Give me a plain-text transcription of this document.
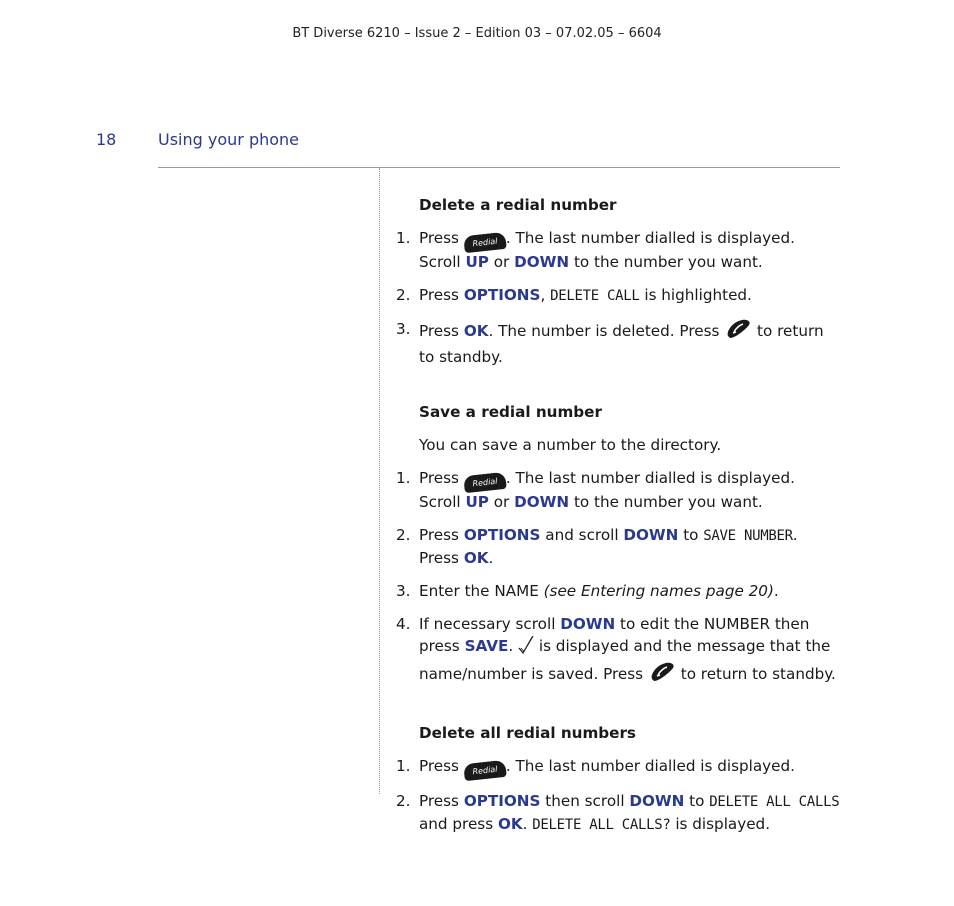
BT Diverse 6210 – Issue 2 – Edition 03 – 07.02.05 – 6604
18	Using your phone
Delete a redial number
1. Press Redial . The last number dialled is displayed. Scroll UP or DOWN to the number you want.
2. Press OPTIONS, DELETE CALL is highlighted.
3. Press OK. The number is deleted. Press  to return to standby.
Save a redial number

You can save a number to the directory.

1. Press Redial . The last number dialled is displayed. Scroll UP or DOWN to the number you want.
2. Press OPTIONS and scroll DOWN to SAVE NUMBER.
Press OK.
3. Enter the NAME (see Entering names page 20).
4. If necessary scroll DOWN to edit the NUMBER then press SAVE.  is displayed and the message that the name/number is saved. Press  to return to standby.
Delete all redial numbers
1. Press Redial . The last number dialled is displayed.
2. Press OPTIONS then scroll DOWN to DELETE ALL CALLS
and press OK. DELETE ALL CALLS? is displayed.
